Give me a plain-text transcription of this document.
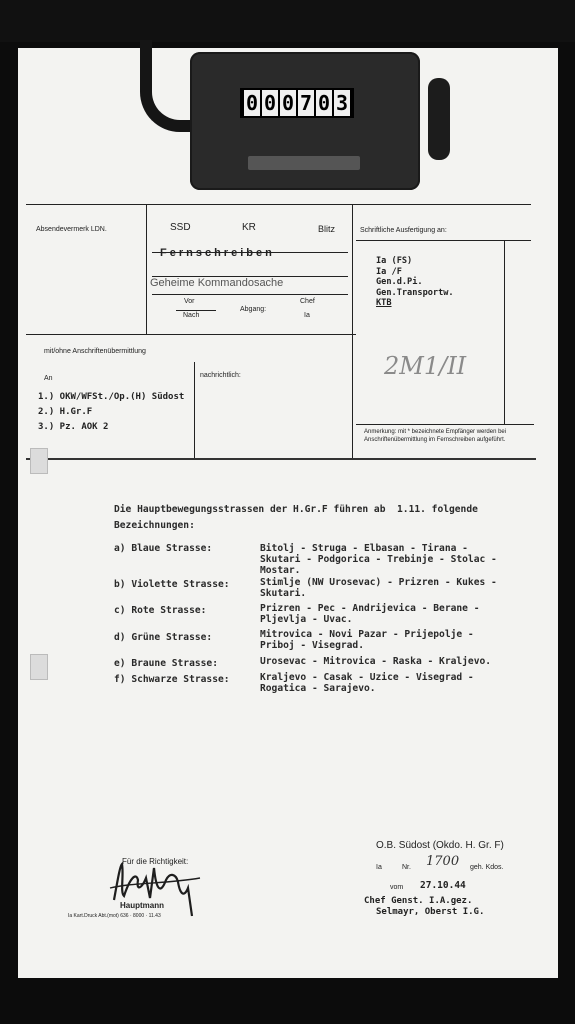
0 0 0 7 0 3
Absendevermerk LDN.	SSD	KR	Blitz
Fernschreiben
Geheime Kommandosache
Vor
Nach
Abgang:
Chef
Ia
Schriftliche Ausfertigung an:
Ia (FS)
Ia /F
Gen.d.Pi.
Gen.Transportw.
KTB
2M1/II
mit/ohne Anschriftenübermittlung
An	nachrichtlich:
1.) OKW/WFSt./Op.(H) Südost
2.) H.Gr.F
3.) Pz. AOK 2	Anmerkung: mit * bezeichnete Empfänger werden bei Anschriftenübermittlung im Fernschreiben aufgeführt.
Die Hauptbewegungsstrassen der H.Gr.F führen ab  1.11. folgende
Bezeichnungen:
a) Blaue Strasse:	Bitolj - Struga - Elbasan - Tirana -
Skutari - Podgorica - Trebinje - Stolac -
Mostar.
b) Violette Strasse:	Stimlje (NW Urosevac) - Prizren - Kukes -
Skutari.
c) Rote Strasse:	Prizren - Pec - Andrijevica - Berane -
Pljevlja - Uvac.
d) Grüne Strasse:	Mitrovica - Novi Pazar - Prijepolje -
Priboj - Visegrad.
e) Braune Strasse:	Urosevac - Mitrovica - Raska - Kraljevo.
f) Schwarze Strasse:	Kraljevo - Casak - Uzice - Visegrad -
Rogatica - Sarajevo.
Für die Richtigkeit:
Hauptmann
Ia Kart.Druck Abt.(mot) 636 · 8000 · 11.43
O.B. Südost (Okdo. H. Gr. F)
Ia	Nr. 1700 geh. Kdos.
vom 27.10.44
Chef Genst. I.A.gez.
Selmayr, Oberst I.G.
